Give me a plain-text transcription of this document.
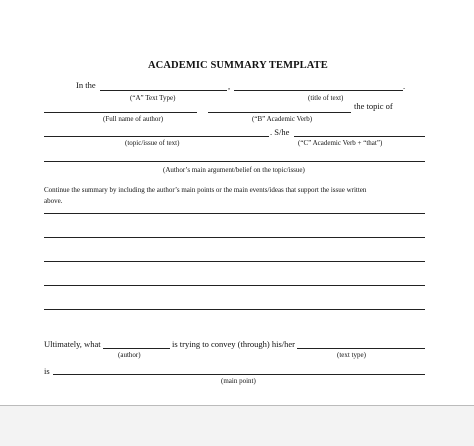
ACADEMIC SUMMARY TEMPLATE
In the	,	.
(“A” Text Type)	(title of text)
the topic of
(Full name of author)	(“B” Academic Verb)
. S/he
(topic/issue of text)	(“C” Academic Verb + “that”)
(Author’s main argument/belief on the topic/issue)
Continue the summary by including the author’s main points or the main events/ideas that support the issue written
above.
Ultimately, what	is trying to convey (through) his/her
(author)	(text type)
is
(main point)
